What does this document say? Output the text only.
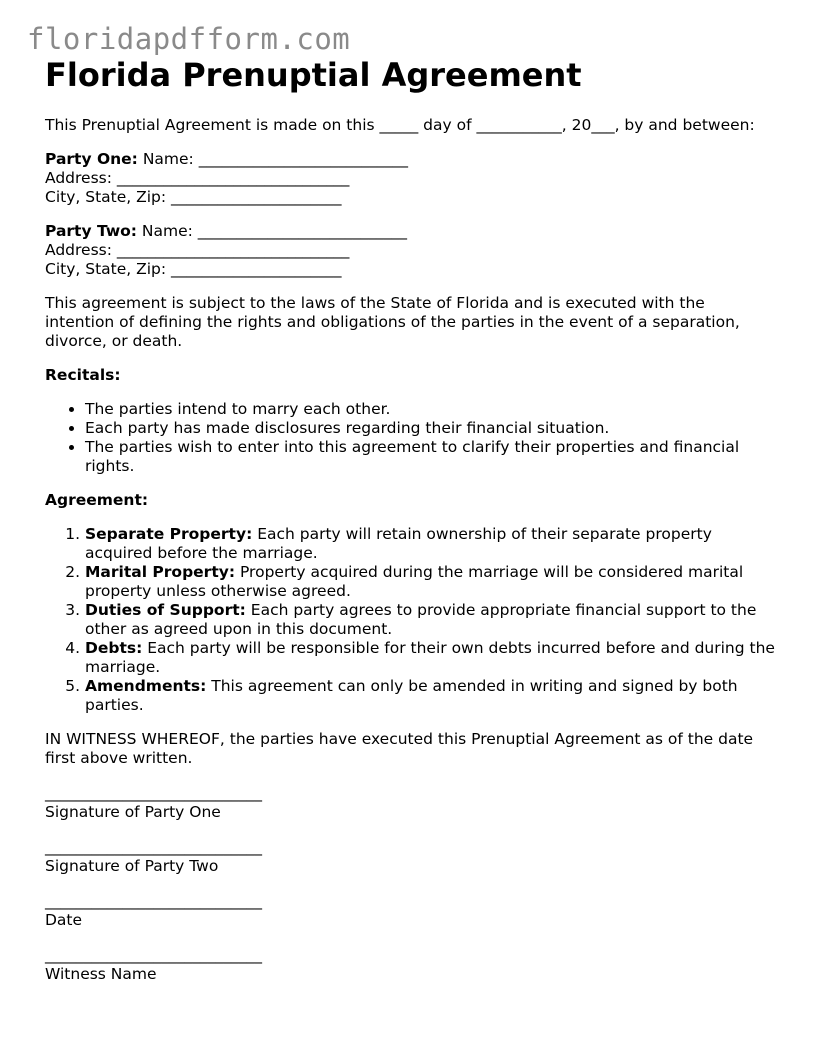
floridapdfform.com
Florida Prenuptial Agreement

This Prenuptial Agreement is made on this _____ day of ___________, 20___, by and between:

Party One: Name: ___________________________
Address: ______________________________
City, State, Zip: ______________________

Party Two: Name: ___________________________
Address: ______________________________
City, State, Zip: ______________________

This agreement is subject to the laws of the State of Florida and is executed with the intention of defining the rights and obligations of the parties in the event of a separation, divorce, or death.

Recitals:

• The parties intend to marry each other.
• Each party has made disclosures regarding their financial situation.
• The parties wish to enter into this agreement to clarify their properties and financial rights.

Agreement:

1. Separate Property: Each party will retain ownership of their separate property acquired before the marriage.
2. Marital Property: Property acquired during the marriage will be considered marital property unless otherwise agreed.
3. Duties of Support: Each party agrees to provide appropriate financial support to the other as agreed upon in this document.
4. Debts: Each party will be responsible for their own debts incurred before and during the marriage.
5. Amendments: This agreement can only be amended in writing and signed by both parties.

IN WITNESS WHEREOF, the parties have executed this Prenuptial Agreement as of the date first above written.

____________________________
Signature of Party One

____________________________
Signature of Party Two

____________________________
Date

____________________________
Witness Name
